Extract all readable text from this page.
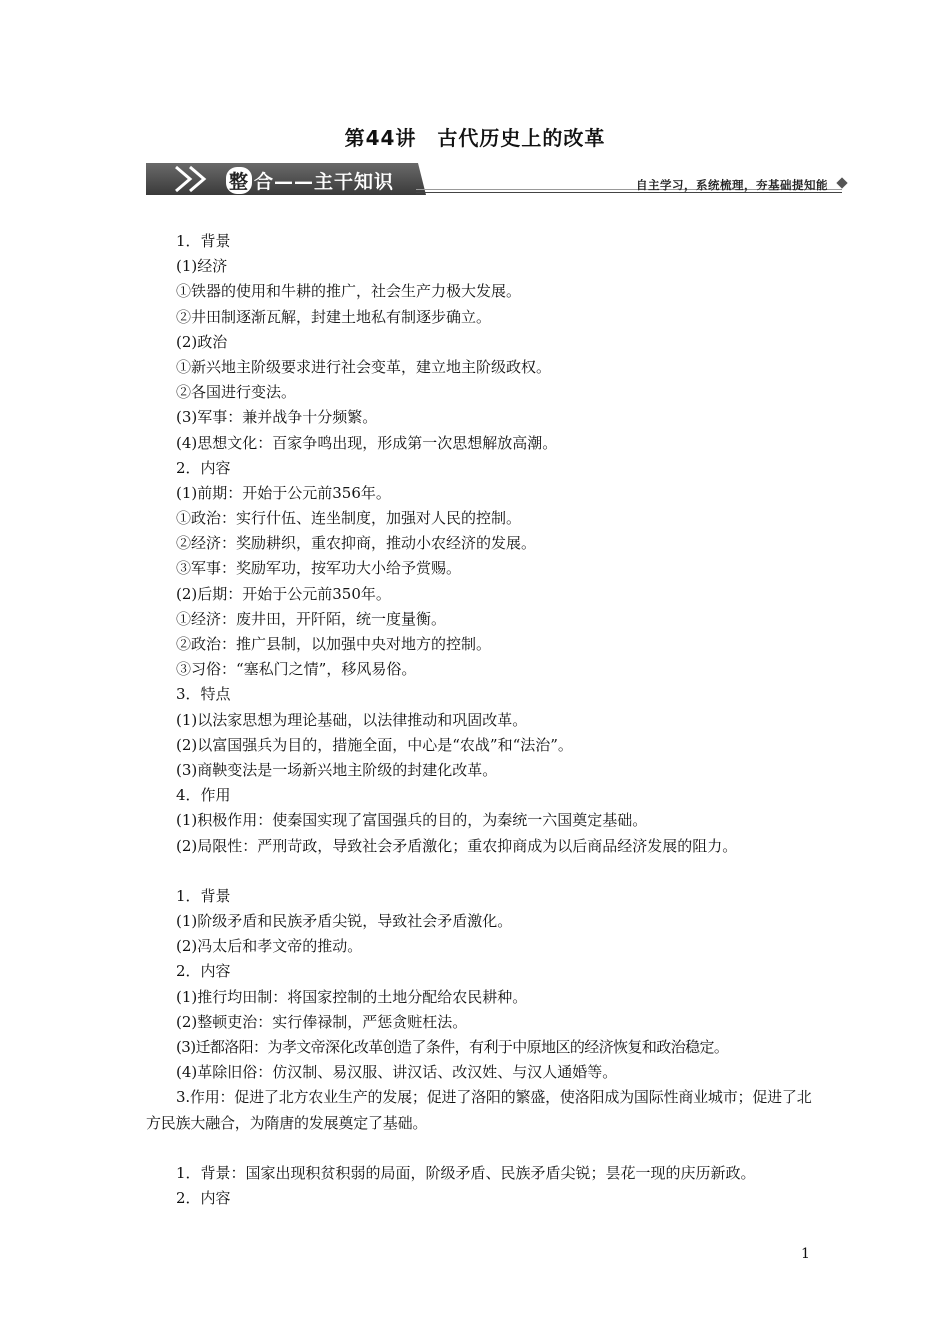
第44讲　古代历史上的改革
整 合——主干知识	自主学习，系统梳理，夯基础提知能
1．背景
(1)经济
①铁器的使用和牛耕的推广，社会生产力极大发展。
②井田制逐渐瓦解，封建土地私有制逐步确立。
(2)政治
①新兴地主阶级要求进行社会变革，建立地主阶级政权。
②各国进行变法。
(3)军事：兼并战争十分频繁。
(4)思想文化：百家争鸣出现，形成第一次思想解放高潮。
2．内容
(1)前期：开始于公元前356年。
①政治：实行什伍、连坐制度，加强对人民的控制。
②经济：奖励耕织，重农抑商，推动小农经济的发展。
③军事：奖励军功，按军功大小给予赏赐。
(2)后期：开始于公元前350年。
①经济：废井田，开阡陌，统一度量衡。
②政治：推广县制，以加强中央对地方的控制。
③习俗：“塞私门之情”，移风易俗。
3．特点
(1)以法家思想为理论基础，以法律推动和巩固改革。
(2)以富国强兵为目的，措施全面，中心是“农战”和“法治”。
(3)商鞅变法是一场新兴地主阶级的封建化改革。
4．作用
(1)积极作用：使秦国实现了富国强兵的目的，为秦统一六国奠定基础。
(2)局限性：严刑苛政，导致社会矛盾激化；重农抑商成为以后商品经济发展的阻力。
1．背景
(1)阶级矛盾和民族矛盾尖锐，导致社会矛盾激化。
(2)冯太后和孝文帝的推动。
2．内容
(1)推行均田制：将国家控制的土地分配给农民耕种。
(2)整顿吏治：实行俸禄制，严惩贪赃枉法。
(3)迁都洛阳：为孝文帝深化改革创造了条件，有利于中原地区的经济恢复和政治稳定。
(4)革除旧俗：仿汉制、易汉服、讲汉话、改汉姓、与汉人通婚等。
3.作用：促进了北方农业生产的发展；促进了洛阳的繁盛，使洛阳成为国际性商业城市；促进了北方民族大融合，为隋唐的发展奠定了基础。
1．背景：国家出现积贫积弱的局面，阶级矛盾、民族矛盾尖锐；昙花一现的庆历新政。
2．内容
1
